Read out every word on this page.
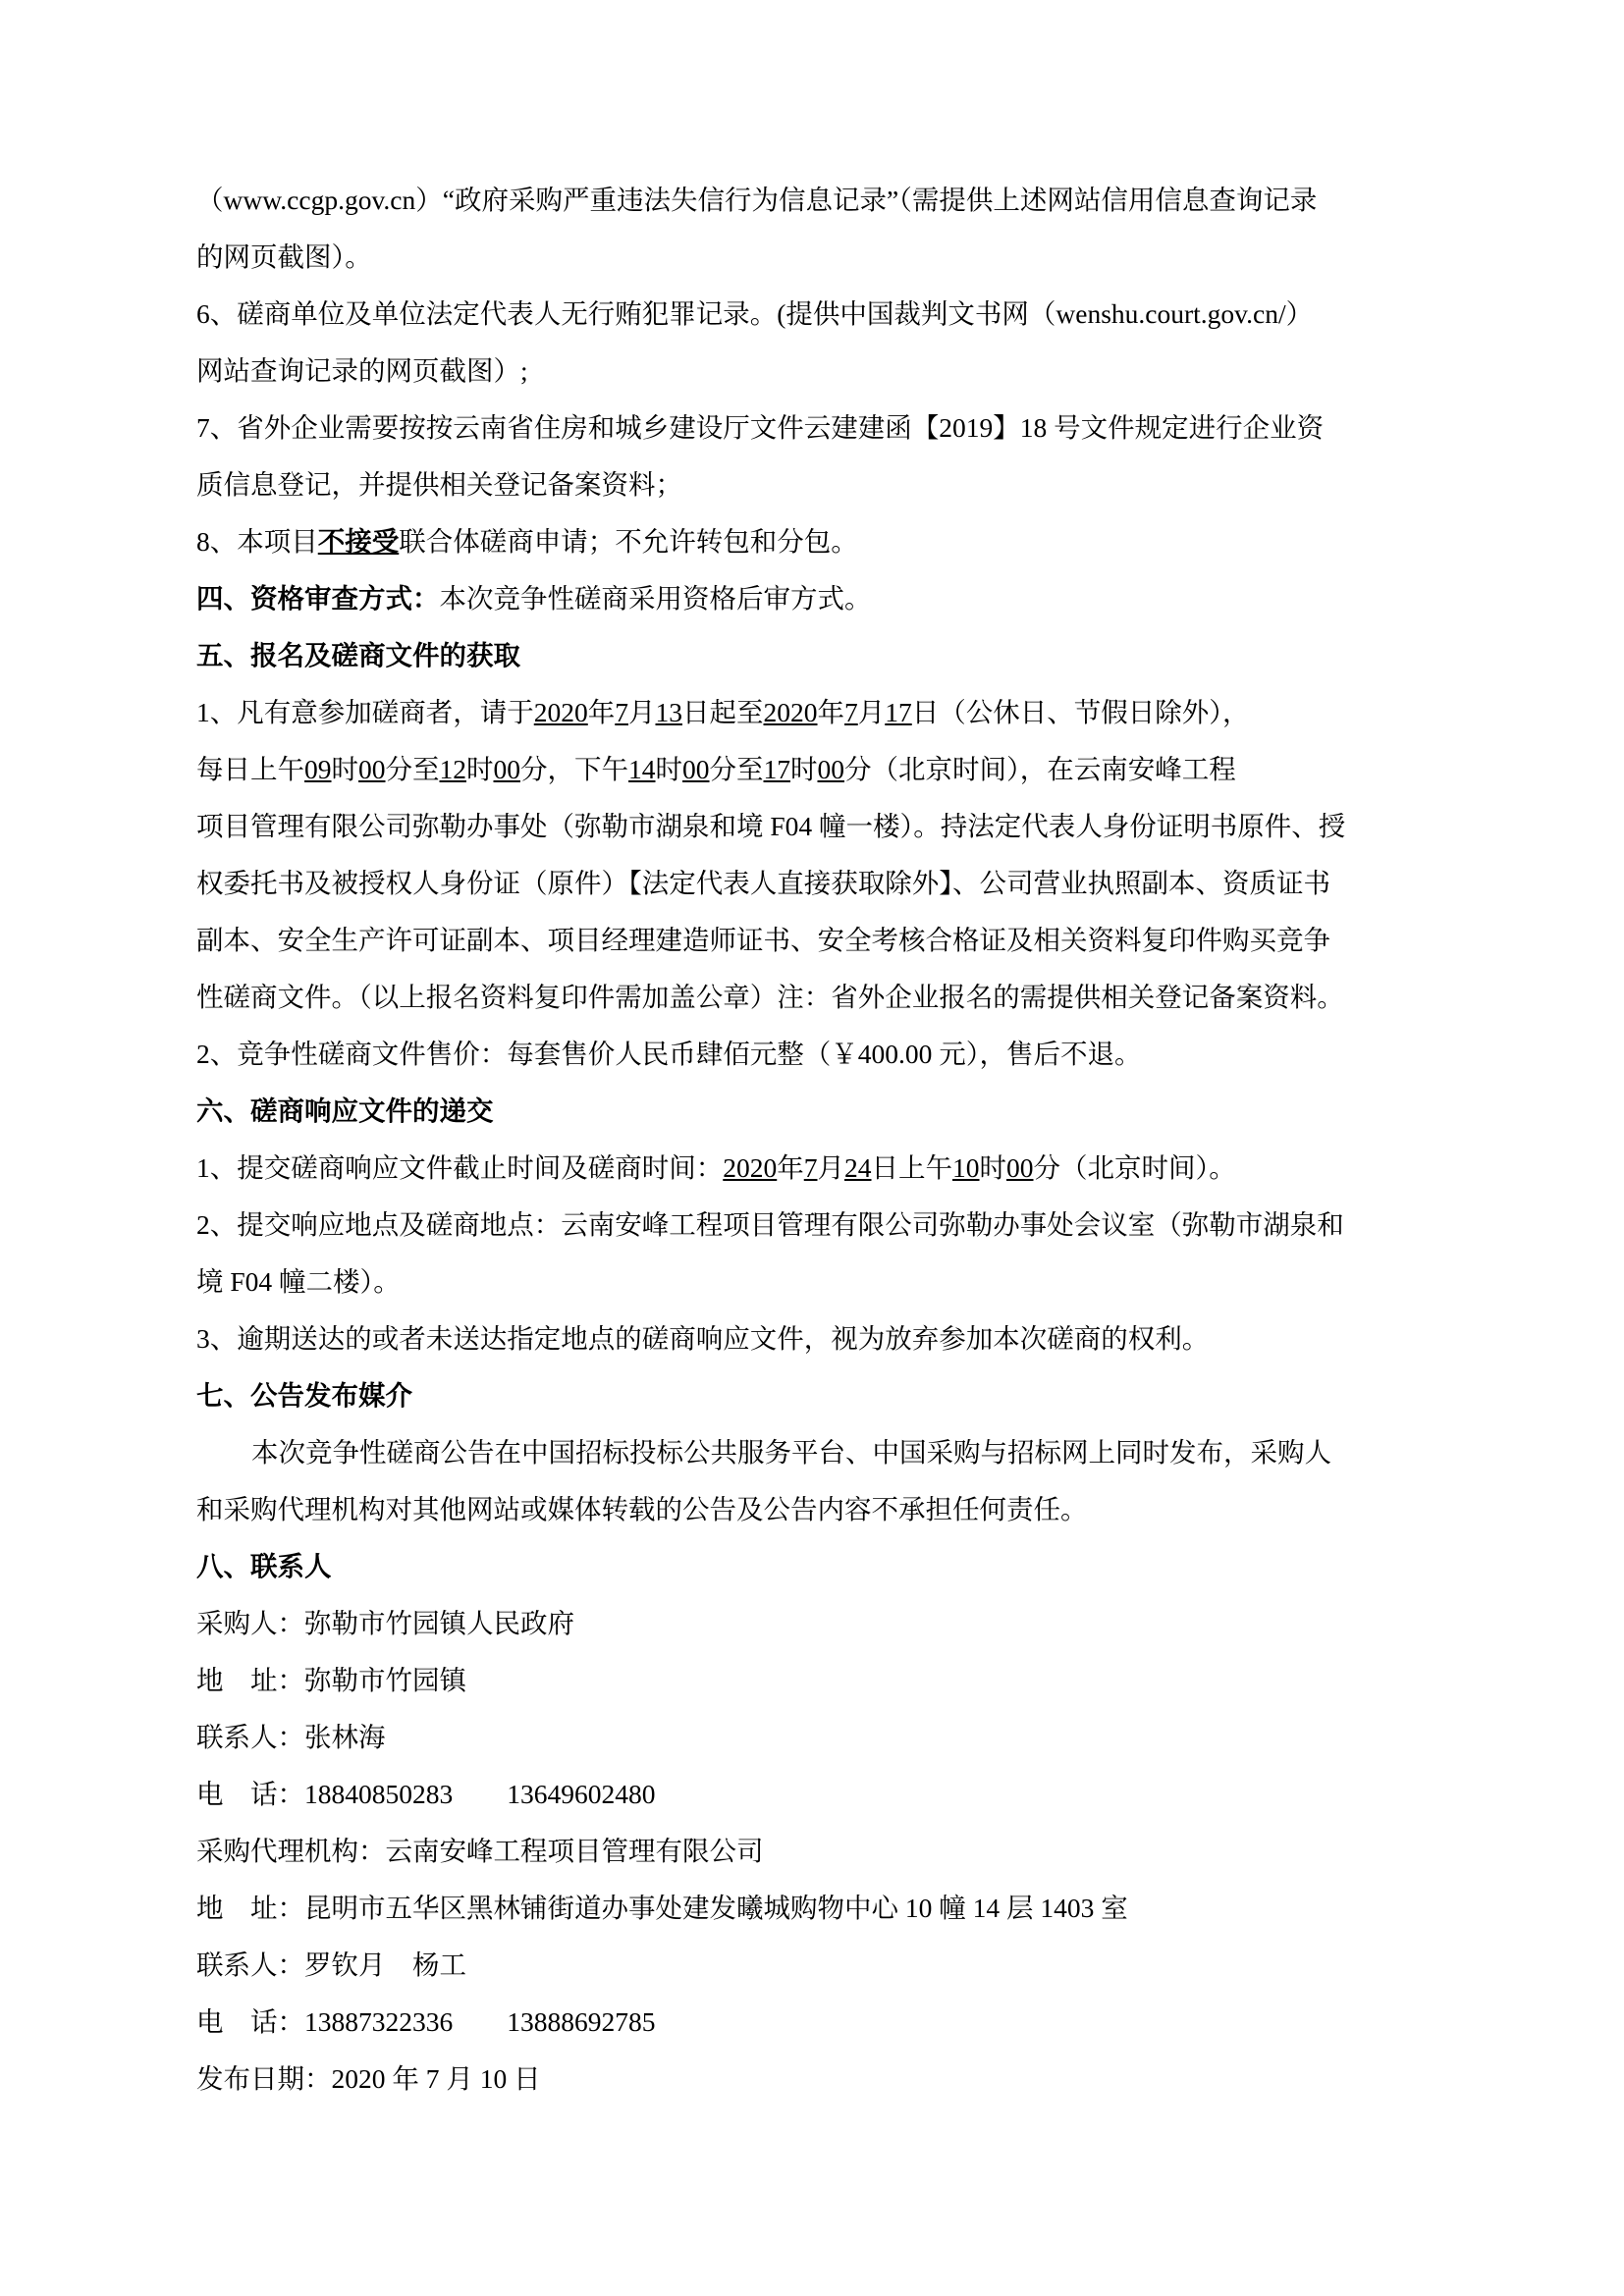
（www.ccgp.gov.cn）“政府采购严重违法失信行为信息记录”（需提供上述网站信用信息查询记录

的网页截图）。

6、磋商单位及单位法定代表人无行贿犯罪记录。(提供中国裁判文书网（wenshu.court.gov.cn/）

网站查询记录的网页截图）;

7、省外企业需要按按云南省住房和城乡建设厅文件云建建函【2019】18 号文件规定进行企业资

质信息登记，并提供相关登记备案资料；

8、本项目不接受联合体磋商申请；不允许转包和分包。

四、资格审查方式：本次竞争性磋商采用资格后审方式。

五、报名及磋商文件的获取

1、凡有意参加磋商者，请于2020年7月13日起至2020年7月17日（公休日、节假日除外），

每日上午09时00分至12时00分，下午14时00分至17时00分（北京时间），在云南安峰工程

项目管理有限公司弥勒办事处（弥勒市湖泉和境 F04 幢一楼）。持法定代表人身份证明书原件、授

权委托书及被授权人身份证（原件）【法定代表人直接获取除外】、公司营业执照副本、资质证书

副本、安全生产许可证副本、项目经理建造师证书、安全考核合格证及相关资料复印件购买竞争

性磋商文件。（以上报名资料复印件需加盖公章）注：省外企业报名的需提供相关登记备案资料。

2、竞争性磋商文件售价：每套售价人民币肆佰元整（￥400.00 元），售后不退。

六、磋商响应文件的递交

1、提交磋商响应文件截止时间及磋商时间：2020年7月24日上午10时00分（北京时间）。

2、提交响应地点及磋商地点：云南安峰工程项目管理有限公司弥勒办事处会议室（弥勒市湖泉和

境 F04 幢二楼）。

3、逾期送达的或者未送达指定地点的磋商响应文件，视为放弃参加本次磋商的权利。

七、公告发布媒介

本次竞争性磋商公告在中国招标投标公共服务平台、中国采购与招标网上同时发布，采购人

和采购代理机构对其他网站或媒体转载的公告及公告内容不承担任何责任。

八、联系人

采购人：弥勒市竹园镇人民政府

地　址：弥勒市竹园镇

联系人：张林海

电　话：18840850283　　13649602480

采购代理机构：云南安峰工程项目管理有限公司

地　址：昆明市五华区黑林铺街道办事处建发曦城购物中心 10 幢 14 层 1403 室

联系人：罗钦月　杨工

电　话：13887322336　　13888692785

发布日期：2020 年 7 月 10 日
